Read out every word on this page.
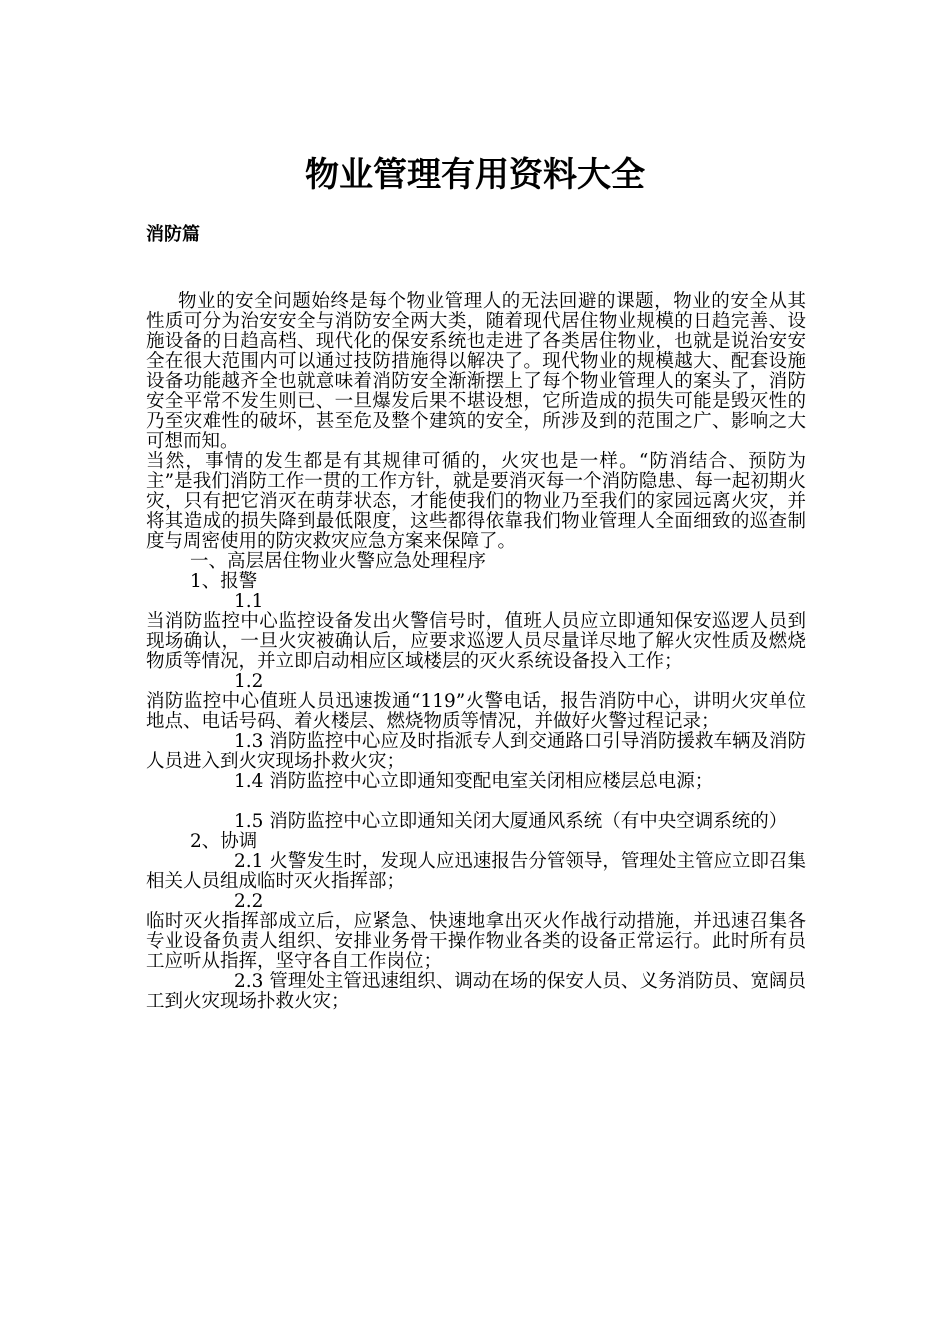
物业管理有用资料大全
消防篇

物业的安全问题始终是每个物业管理人的无法回避的课题，物业的安全从其性质可分为治安安全与消防安全两大类，随着现代居住物业规模的日趋完善、设施设备的日趋高档、现代化的保安系统也走进了各类居住物业，也就是说治安安全在很大范围内可以通过技防措施得以解决了。现代物业的规模越大、配套设施设备功能越齐全也就意味着消防安全渐渐摆上了每个物业管理人的案头了，消防安全平常不发生则已、一旦爆发后果不堪设想，它所造成的损失可能是毁灭性的乃至灾难性的破坏，甚至危及整个建筑的安全，所涉及到的范围之广、影响之大可想而知。

当然，事情的发生都是有其规律可循的，火灾也是一样。“防消结合、预防为主”是我们消防工作一贯的工作方针，就是要消灭每一个消防隐患、每一起初期火灾，只有把它消灭在萌芽状态，才能使我们的物业乃至我们的家园远离火灾，并将其造成的损失降到最低限度，这些都得依靠我们物业管理人全面细致的巡查制度与周密使用的防灾救灾应急方案来保障了。

一、高层居住物业火警应急处理程序

1、报警

1.1

当消防监控中心监控设备发出火警信号时，值班人员应立即通知保安巡逻人员到现场确认，一旦火灾被确认后，应要求巡逻人员尽量详尽地了解火灾性质及燃烧物质等情况，并立即启动相应区域楼层的灭火系统设备投入工作；

1.2

消防监控中心值班人员迅速拨通“119”火警电话，报告消防中心，讲明火灾单位地点、电话号码、着火楼层、燃烧物质等情况，并做好火警过程记录；

1.3 消防监控中心应及时指派专人到交通路口引导消防援救车辆及消防人员进入到火灾现场扑救火灾；

1.4 消防监控中心立即通知变配电室关闭相应楼层总电源；

1.5 消防监控中心立即通知关闭大厦通风系统（有中央空调系统的）

2、协调

2.1 火警发生时，发现人应迅速报告分管领导，管理处主管应立即召集相关人员组成临时灭火指挥部；

2.2

临时灭火指挥部成立后，应紧急、快速地拿出灭火作战行动措施，并迅速召集各专业设备负责人组织、安排业务骨干操作物业各类的设备正常运行。此时所有员工应听从指挥，坚守各自工作岗位；

2.3 管理处主管迅速组织、调动在场的保安人员、义务消防员、宽阔员工到火灾现场扑救火灾；
